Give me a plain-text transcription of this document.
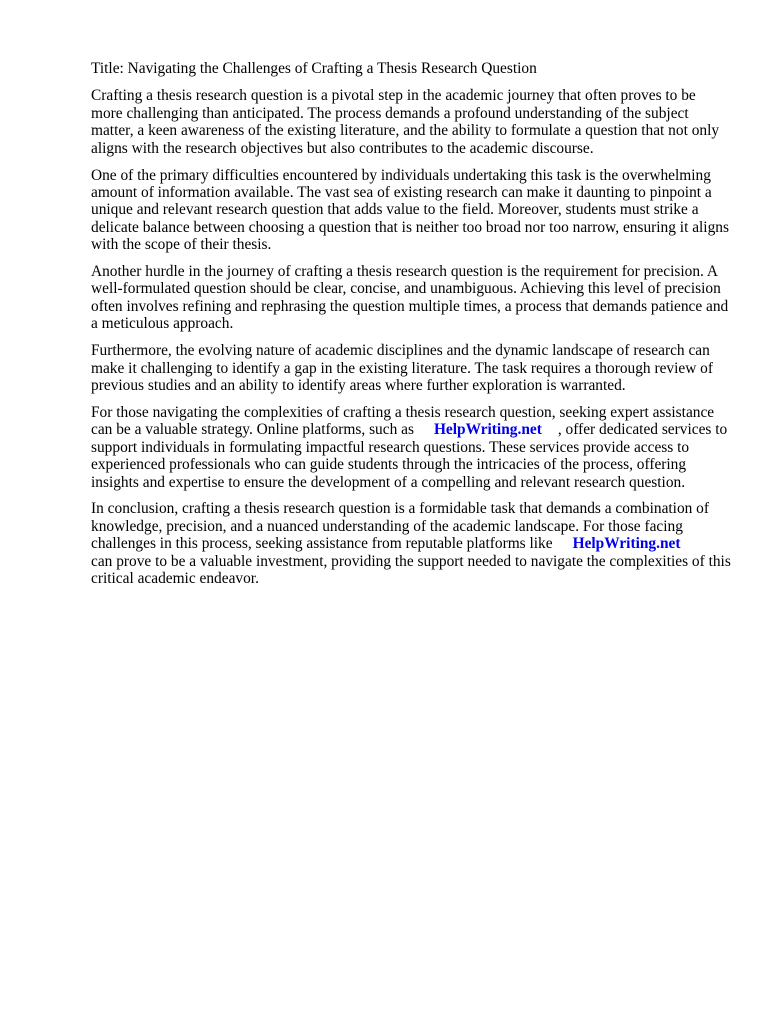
Title: Navigating the Challenges of Crafting a Thesis Research Question

Crafting a thesis research question is a pivotal step in the academic journey that often proves to be more challenging than anticipated. The process demands a profound understanding of the subject matter, a keen awareness of the existing literature, and the ability to formulate a question that not only aligns with the research objectives but also contributes to the academic discourse.

One of the primary difficulties encountered by individuals undertaking this task is the overwhelming amount of information available. The vast sea of existing research can make it daunting to pinpoint a unique and relevant research question that adds value to the field. Moreover, students must strike a delicate balance between choosing a question that is neither too broad nor too narrow, ensuring it aligns with the scope of their thesis.

Another hurdle in the journey of crafting a thesis research question is the requirement for precision. A well-formulated question should be clear, concise, and unambiguous. Achieving this level of precision often involves refining and rephrasing the question multiple times, a process that demands patience and a meticulous approach.

Furthermore, the evolving nature of academic disciplines and the dynamic landscape of research can make it challenging to identify a gap in the existing literature. The task requires a thorough review of previous studies and an ability to identify areas where further exploration is warranted.

For those navigating the complexities of crafting a thesis research question, seeking expert assistance can be a valuable strategy. Online platforms, such as HelpWriting.net , offer dedicated services to support individuals in formulating impactful research questions. These services provide access to experienced professionals who can guide students through the intricacies of the process, offering insights and expertise to ensure the development of a compelling and relevant research question.

In conclusion, crafting a thesis research question is a formidable task that demands a combination of knowledge, precision, and a nuanced understanding of the academic landscape. For those facing challenges in this process, seeking assistance from reputable platforms like HelpWriting.net
can prove to be a valuable investment, providing the support needed to navigate the complexities of this critical academic endeavor.
